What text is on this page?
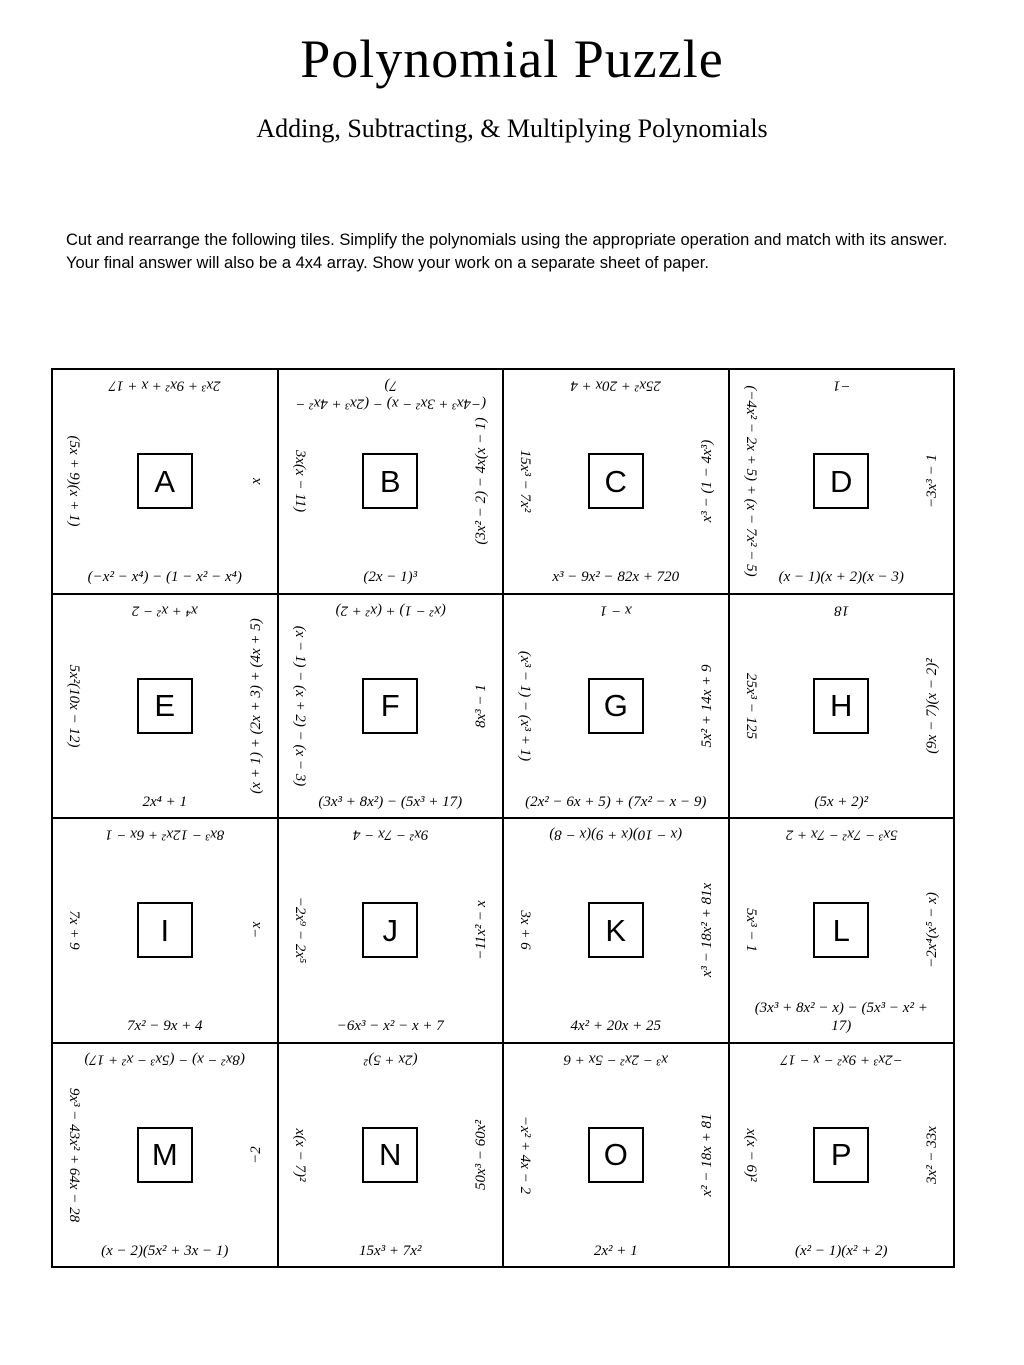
Polynomial Puzzle
Adding, Subtracting, & Multiplying Polynomials

Cut and rearrange the following tiles. Simplify the polynomials using the appropriate operation and match with its answer. Your final answer will also be a 4x4 array. Show your work on a separate sheet of paper.

2x³ + 9x² + x + 17
(5x + 9)(x + 1)	x
(−x² − x⁴) − (1 − x² − x⁴)
A
(−4x³ + 3x² − x) − (2x³ + 4x² − 7)
3x(x − 11)	(3x² − 2) − 4x(x − 1)
(2x − 1)³
B
25x² + 20x + 4
15x³ − 7x²	x³ − (1 − 4x³)
x³ − 9x² − 82x + 720
C
−1
(−4x² − 2x + 5) + (x − 7x² − 5)	−3x³ − 1
(x − 1)(x + 2)(x − 3)
D
x⁴ + x² − 2
5x²(10x − 12)	(x + 1) + (2x + 3) + (4x + 5)
2x⁴ + 1
E
(x² − 1) + (x² + 2)
(x − 1) − (x + 2) − (x − 3)	8x³ − 1
(3x³ + 8x²) − (5x³ + 17)
F
x − 1
(x³ − 1) − (x³ + 1)	5x² + 14x + 9
(2x² − 6x + 5) + (7x² − x − 9)
G
18
25x³ − 125	(9x − 7)(x − 2)²
(5x + 2)²
H
8x³ − 12x² + 6x − 1
7x + 9	−x
7x² − 9x + 4
I
9x² − 7x − 4
−2x⁹ − 2x⁵	−11x² − x
−6x³ − x² − x + 7
J
(x − 10)(x + 9)(x − 8)
3x + 6	x³ − 18x² + 81x
4x² + 20x + 25
K
5x³ − 7x² − 7x + 2
5x³ − 1	−2x⁴(x⁵ − x)
(3x³ + 8x² − x) − (5x³ − x² + 17)
L
(8x² − x) − (5x³ − x² + 17)
9x³ − 43x² + 64x − 28	−2
(x − 2)(5x² + 3x − 1)
M
(2x + 5)²
x(x − 7)²	50x³ − 60x²
15x³ + 7x²
N
x³ − 2x² − 5x + 6
−x² + 4x − 2	x² − 18x + 81
2x² + 1
O
−2x³ + 9x² − x − 17
x(x − 6)²	3x² − 33x
(x² − 1)(x² + 2)
P
